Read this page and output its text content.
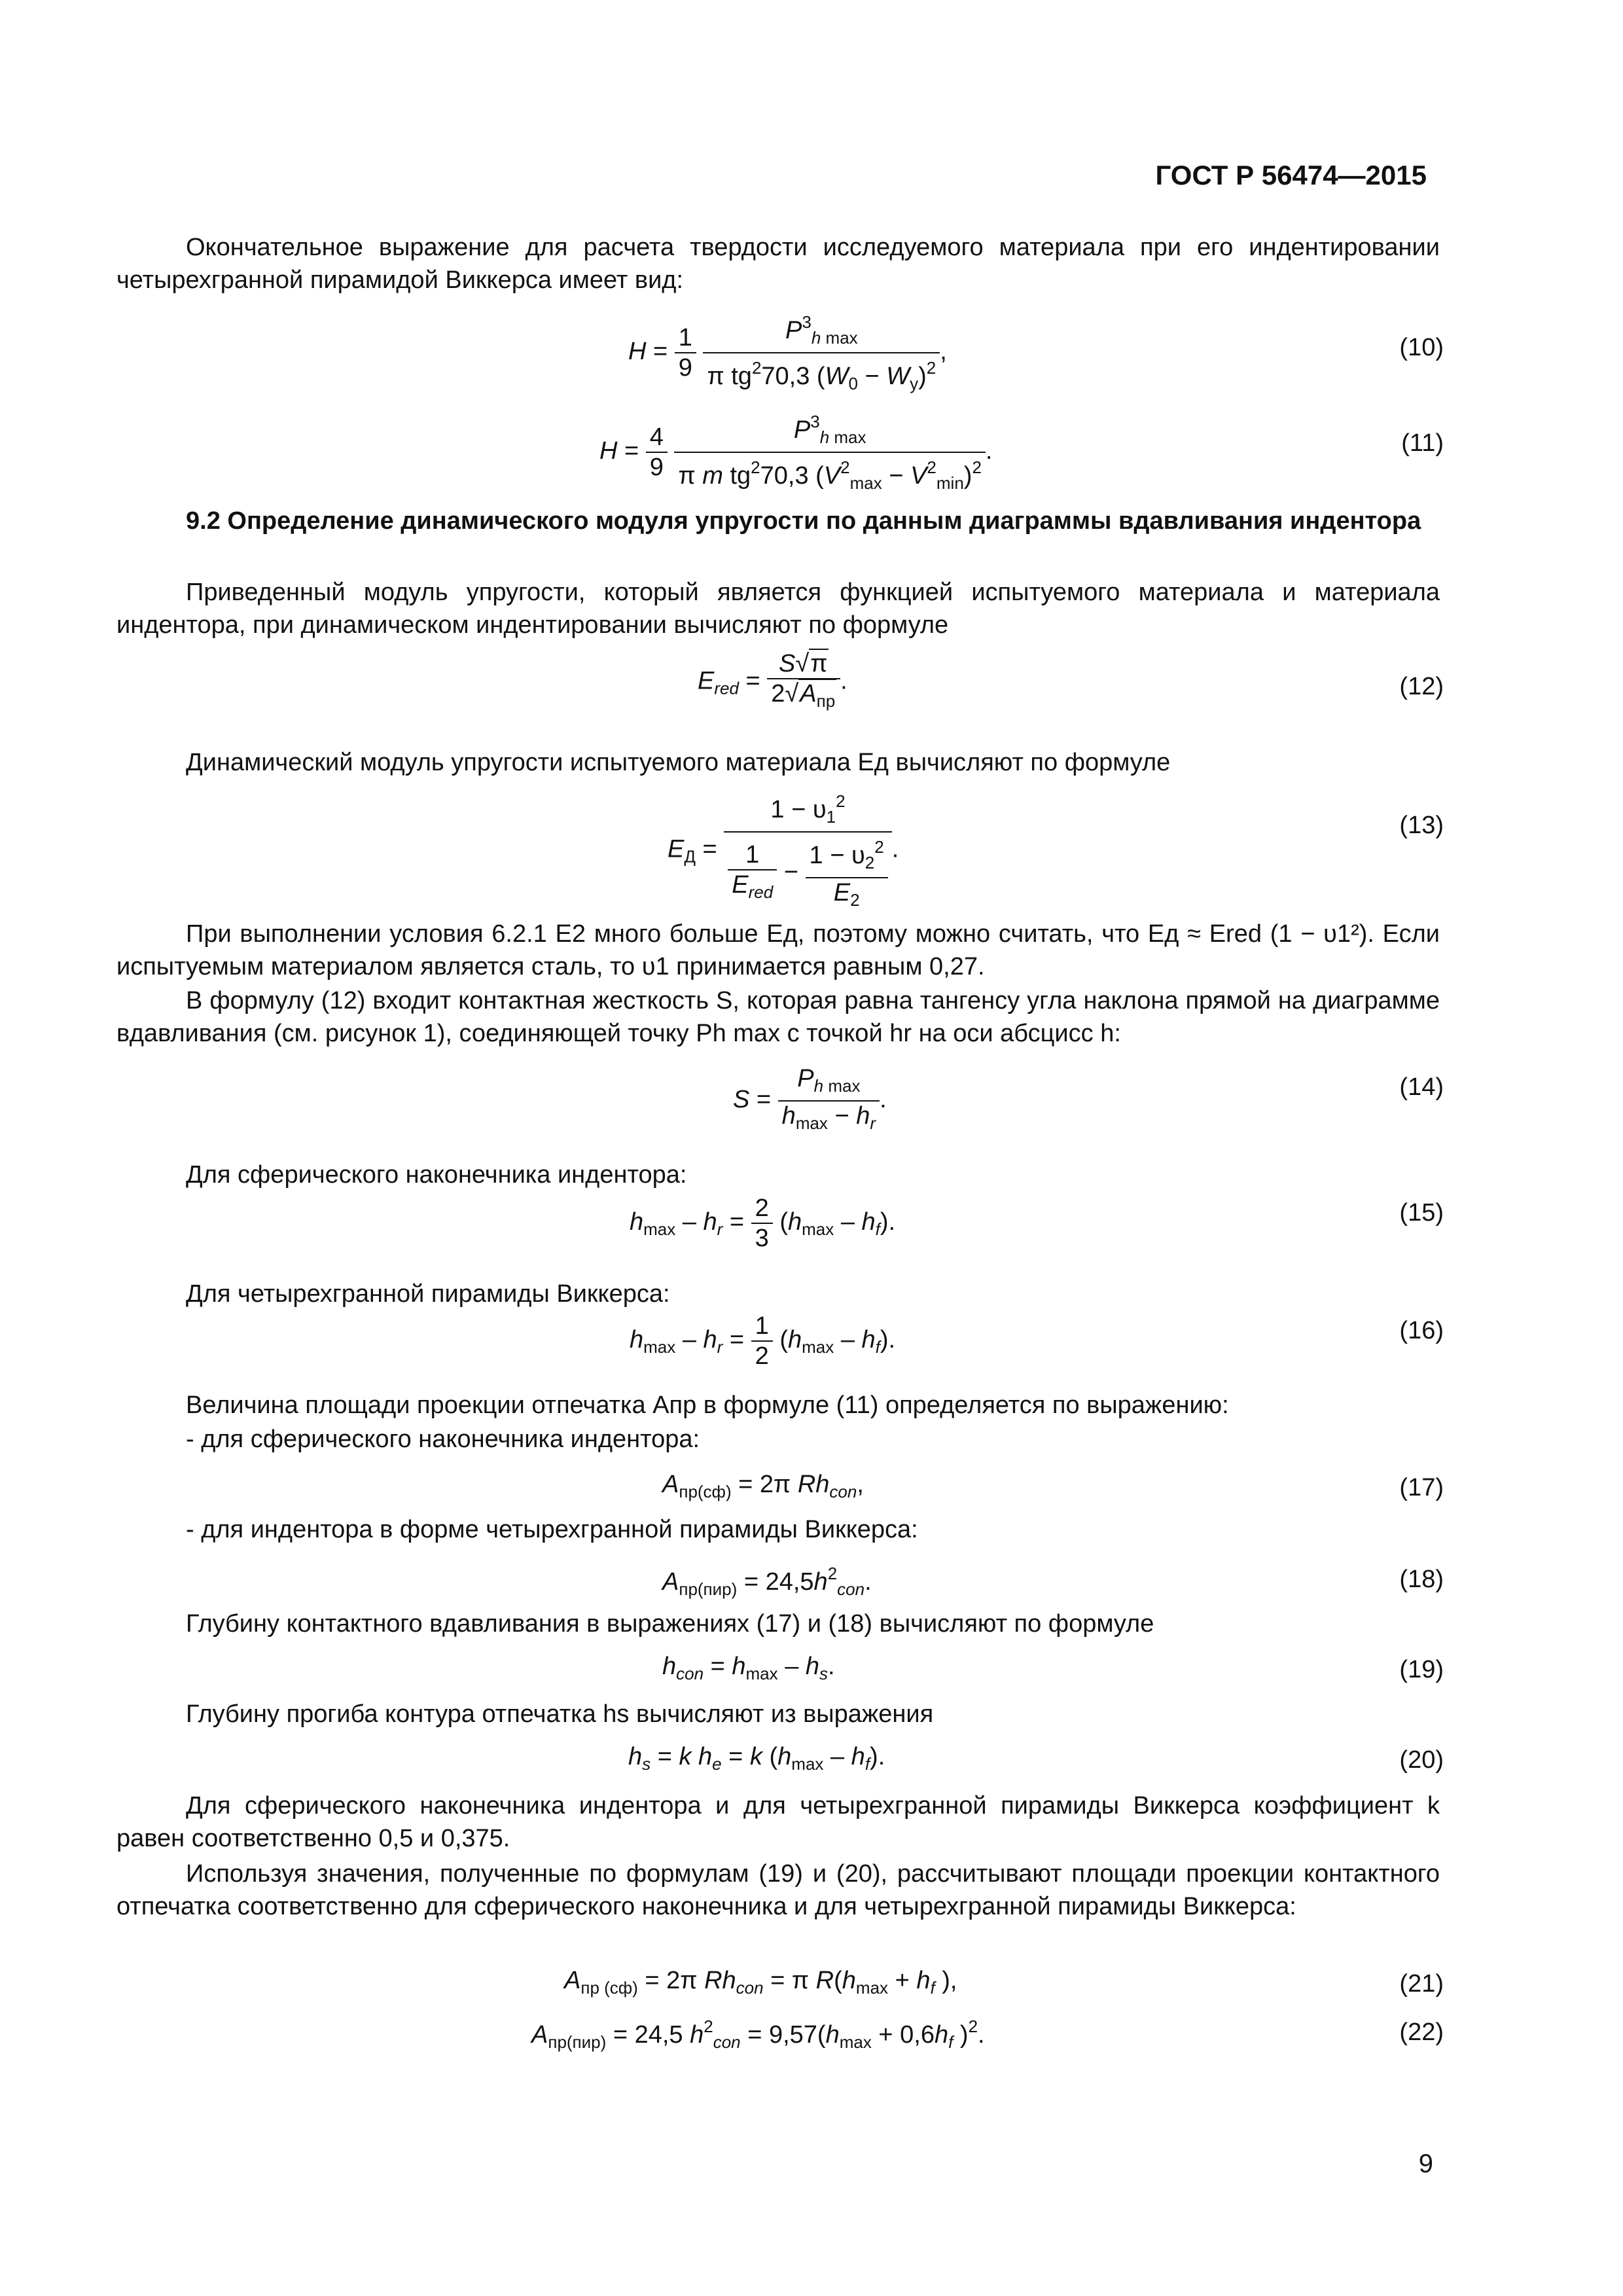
ГОСТ Р 56474—2015
Окончательное выражение для расчета твердости исследуемого материала при его индентировании четырехгранной пирамидой Виккерса имеет вид:
$H = \frac{1}{9}$
$\frac{P^3_{h max}}{\pi tg^270,3 (W_0 - W_y)^2}$ ,	(10)
$H = \frac{4}{9}$
$\frac{P^3_{h max}}{\pi m tg^270,3 (V^2_{max} - V^2_{min})^2}$ .	(11)
9.2 Определение динамического модуля упругости по данным диаграммы вдавливания индентора
Приведенный модуль упругости, который является функцией испытуемого материала и материала индентора, при динамическом индентировании вычисляют по формуле
$E_{red} = \frac{S√\pi}{2√A_{пр}}$ .	(12)
Динамический модуль упругости испытуемого материала Eд вычисляют по формуле
$E_Д = \frac{1 - \upsilon_1^2}{\frac{1}{E_{red}} - \frac{1 - \upsilon_2^2}{E_2}}$ .
(13)
При выполнении условия 6.2.1 E2 много больше Eд, поэтому можно считать, что Eд ≈ Ered (1 − υ1²). Если испытуемым материалом является сталь, то υ1 принимается равным 0,27.
В формулу (12) входит контактная жесткость S, которая равна тангенсу угла наклона прямой на диаграмме вдавливания (см. рисунок 1), соединяющей точку Ph max с точкой hr на оси абсцисс h:
$S = \frac{P_{h max}}{h_{max} - h_r}$ .	(14)
Для сферического наконечника индентора:
$h_{max} - h_r = \frac{2}{3} (h_{max} - h_f)$.	(15)
Для четырехгранной пирамиды Виккерса:
$h_{max} - h_r = \frac{1}{2} (h_{max} - h_f)$.	(16)
Величина площади проекции отпечатка Aпр в формуле (11) определяется по выражению:
- для сферического наконечника индентора:
$A_{пр(сф)} = 2\pi$ $Rh_{con}$,	(17)
- для индентора в форме четырехгранной пирамиды Виккерса:
$A_{пр(пир)} = 24,5h^2_{con}$.	(18)
Глубину контактного вдавливания в выражениях (17) и (18) вычисляют по формуле
$h_{con} = h_{max} - h_s$.	(19)
Глубину прогиба контура отпечатка hs вычисляют из выражения
$h_s = k$ $h_e = k$ $(h_{max} - h_f)$.	(20)
Для сферического наконечника индентора и для четырехгранной пирамиды Виккерса коэффициент k равен соответственно 0,5 и 0,375.
Используя значения, полученные по формулам (19) и (20), рассчитывают площади проекции контактного отпечатка соответственно для сферического наконечника и для четырехгранной пирамиды Виккерса:
$A_{пр (сф)} = 2\pi$ $Rh_{con} = \pi$ $R(h_{max} + h_f$ ),	(21)
$A_{пр(пир)} = 24,5$ $h^2_{con} = 9,57(h_{max} + 0,6h_f$ )$^2$.	(22)
9
